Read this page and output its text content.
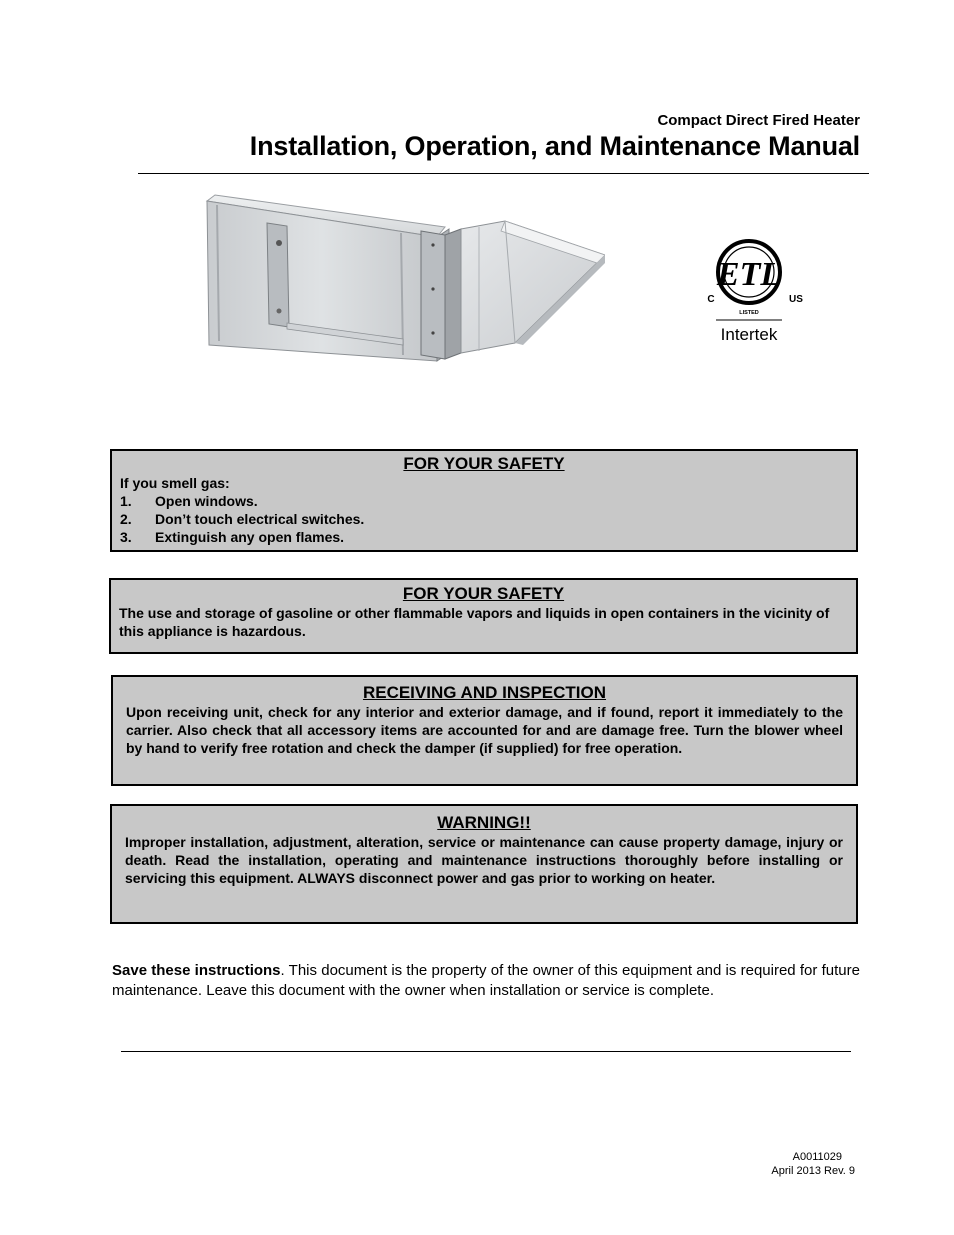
Compact Direct Fired Heater
Installation, Operation, and Maintenance Manual
ETL
C	US
LISTED
Intertek
FOR YOUR SAFETY
If you smell gas:
1.	Open windows.
2.	Don’t touch electrical switches.
3.	Extinguish any open flames.
FOR YOUR SAFETY
The use and storage of gasoline or other flammable vapors and liquids in open containers in the vicinity of this appliance is hazardous.
RECEIVING AND INSPECTION
Upon receiving unit, check for any interior and exterior damage, and if found, report it immediately to the carrier. Also check that all accessory items are accounted for and are damage free. Turn the blower wheel by hand to verify free rotation and check the damper (if supplied) for free operation.
WARNING!!
Improper installation, adjustment, alteration, service or maintenance can cause property damage, injury or death. Read the installation, operating and maintenance instructions thoroughly before installing or servicing this equipment. ALWAYS disconnect power and gas prior to working on heater.
Save these instructions. This document is the property of the owner of this equipment and is required for future maintenance. Leave this document with the owner when installation or service is complete.
A0011029
April 2013 Rev. 9
